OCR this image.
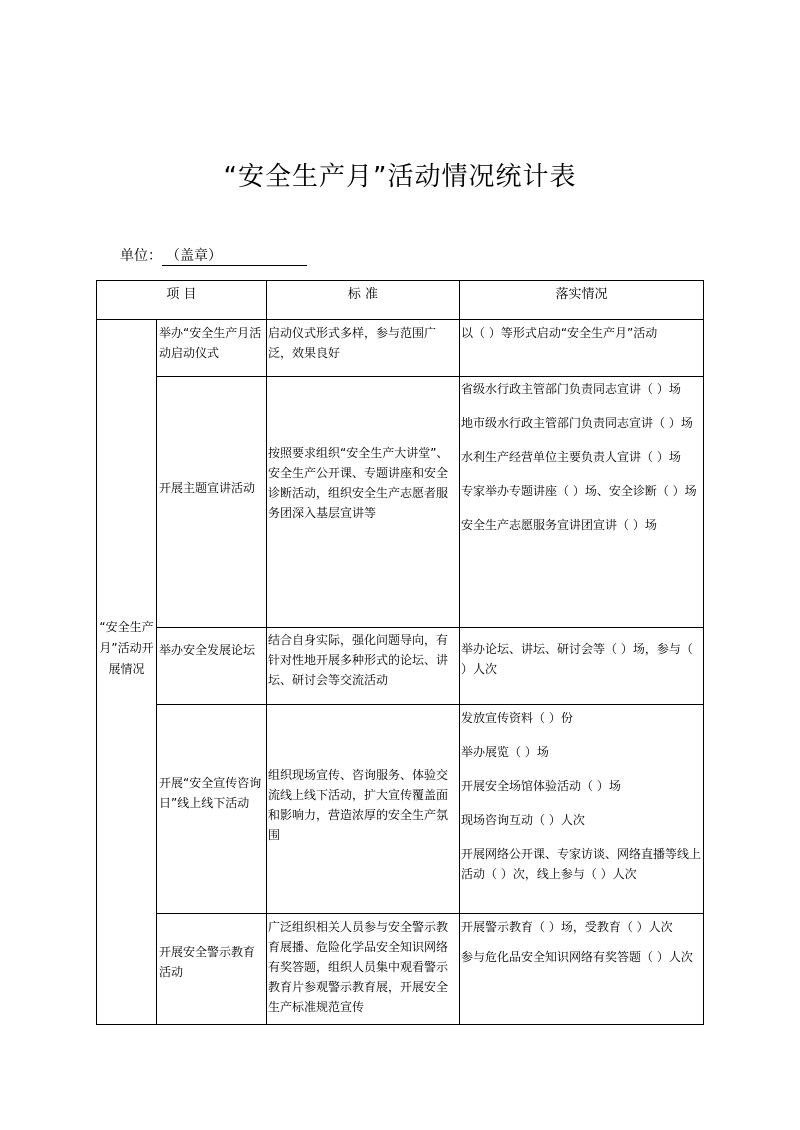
“安全生产月”活动情况统计表
单位： （盖章）
项 目	标 准	落实情况
“安全生产月”活动开展情况
举办“安全生产月活动启动仪式
启动仪式形式多样，参与范围广泛，效果良好

以（ ）等形式启动“安全生产月”活动

开展主题宣讲活动
按照要求组织“安全生产大讲堂”、安全生产公开课、专题讲座和安全诊断活动，组织安全生产志愿者服务团深入基层宣讲等

省级水行政主管部门负责同志宣讲（ ）场

地市级水行政主管部门负责同志宣讲（ ）场

水利生产经营单位主要负责人宣讲（ ）场

专家举办专题讲座（ ）场、安全诊断（ ）场

安全生产志愿服务宣讲团宣讲（ ）场

举办安全发展论坛
结合自身实际，强化问题导向，有针对性地开展多种形式的论坛、讲坛、研讨会等交流活动

举办论坛、讲坛、研讨会等（ ）场，参与（ ）人次

开展“安全宣传咨询日”线上线下活动
组织现场宣传、咨询服务、体验交流线上线下活动，扩大宣传覆盖面和影响力，营造浓厚的安全生产氛围

发放宣传资料（ ）份

举办展览（ ）场

开展安全场馆体验活动（ ）场

现场咨询互动（ ）人次

开展网络公开课、专家访谈、网络直播等线上活动（ ）次，线上参与（ ）人次

开展安全警示教育活动
广泛组织相关人员参与安全警示教育展播、危险化学品安全知识网络有奖答题，组织人员集中观看警示教育片参观警示教育展，开展安全生产标准规范宣传

开展警示教育（ ）场，受教育（ ）人次

参与危化品安全知识网络有奖答题（ ）人次
